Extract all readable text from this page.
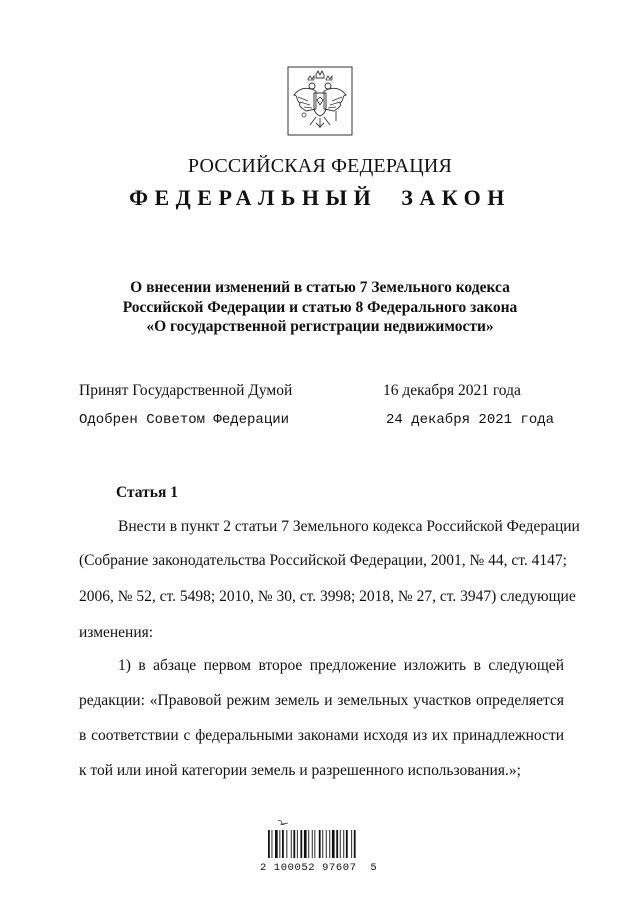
РОССИЙСКАЯ ФЕДЕРАЦИЯ
ФЕДЕРАЛЬНЫЙ ЗАКОН
О внесении изменений в статью 7 Земельного кодекса
Российской Федерации и статью 8 Федерального закона
«О государственной регистрации недвижимости»
Принят Государственной Думой	16 декабря 2021 года
Одобрен Советом Федерации	24 декабря 2021 года
Статья 1
Внести в пункт 2 статьи 7 Земельного кодекса Российской Федерации
(Собрание законодательства Российской Федерации, 2001, № 44, ст. 4147;
2006, № 52, ст. 5498; 2010, № 30, ст. 3998; 2018, № 27, ст. 3947) следующие
изменения:
1) в абзаце первом второе предложение изложить в следующей
редакции: «Правовой режим земель и земельных участков определяется
в соответствии с федеральными законами исходя из их принадлежности
к той или иной категории земель и разрешенного использования.»;
2 100052 97607  5
